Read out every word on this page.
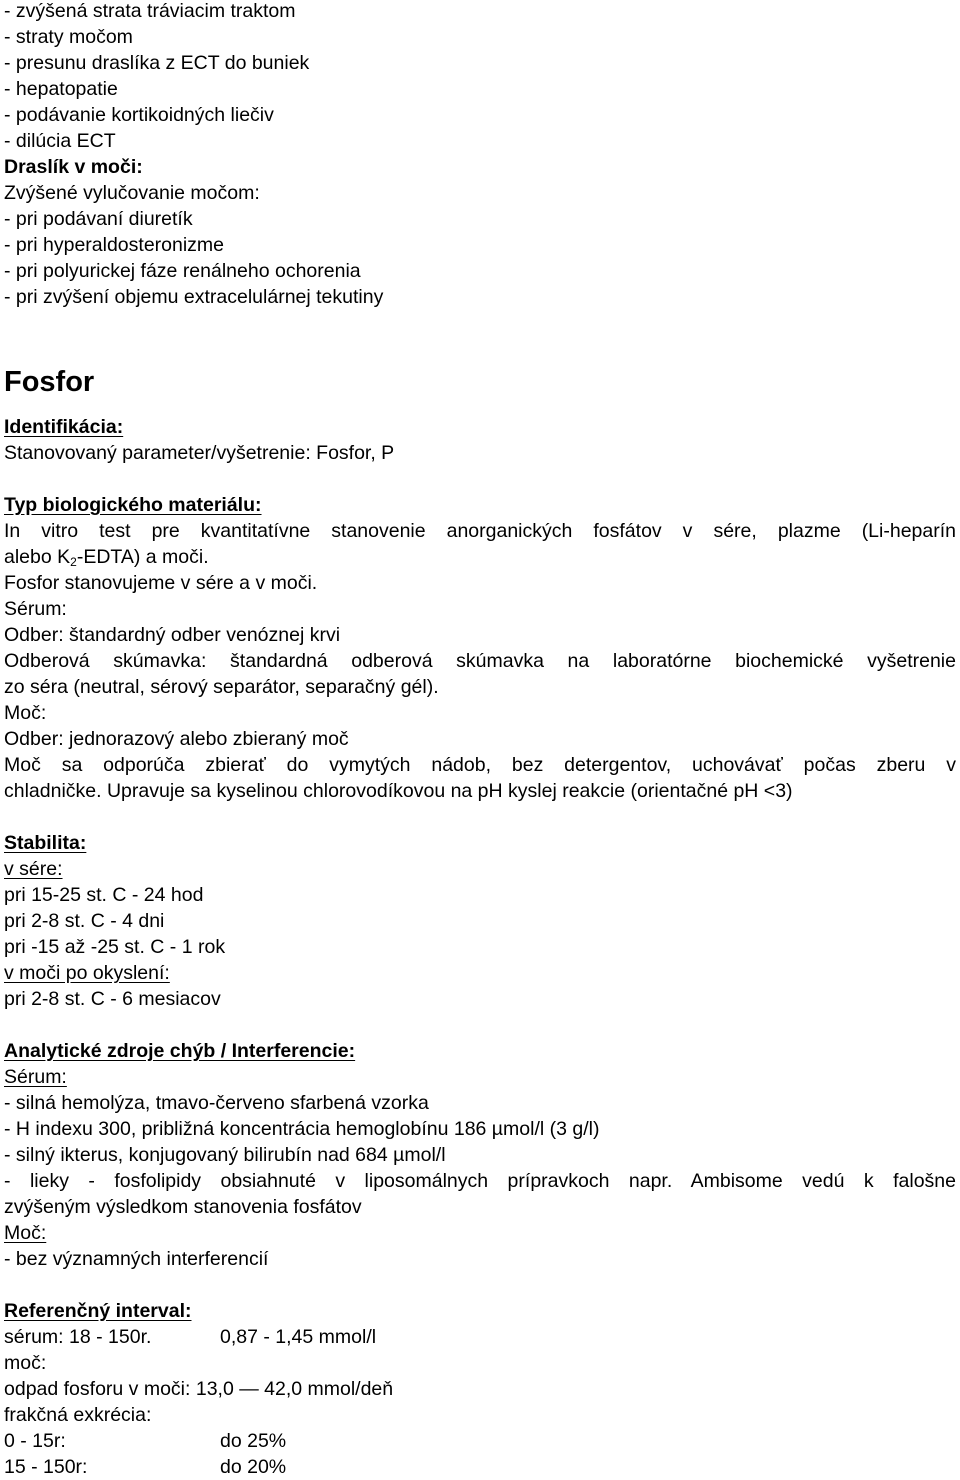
- zvýšená strata tráviacim traktom
- straty močom
- presunu draslíka z ECT do buniek
- hepatopatie
- podávanie kortikoidných liečiv
- dilúcia ECT
Draslík v moči:
Zvýšené vylučovanie močom:
- pri podávaní diuretík
- pri hyperaldosteronizme
- pri polyurickej fáze renálneho ochorenia
- pri zvýšení objemu extracelulárnej tekutiny
Fosfor
Identifikácia:
Stanovovaný parameter/vyšetrenie: Fosfor, P
Typ biologického materiálu:
In vitro test pre kvantitatívne stanovenie anorganických fosfátov v sére, plazme (Li-heparín
alebo $K_2-EDTA$) a moči.
Fosfor stanovujeme v sére a v moči.
Sérum:
Odber: štandardný odber venóznej krvi
Odberová skúmavka: štandardná odberová skúmavka na laboratórne biochemické vyšetrenie
zo séra (neutral, sérový separátor, separačný gél).
Moč:
Odber: jednorazový alebo zbieraný moč
Moč sa odporúča zbierať do vymytých nádob, bez detergentov, uchovávať počas zberu v
chladničke. Upravuje sa kyselinou chlorovodíkovou na pH kyslej reakcie (orientačné pH <3)
Stabilita:
v sére:
pri 15-25 st. C - 24 hod
pri 2-8 st. C - 4 dni
pri -15 až -25 st. C - 1 rok
v moči po okyslení:
pri 2-8 st. C - 6 mesiacov
Analytické zdroje chýb / Interferencie:
Sérum:
- silná hemolýza, tmavo-červeno sfarbená vzorka
- H indexu 300, približná koncentrácia hemoglobínu 186 µmol/l (3 g/l)
- silný ikterus, konjugovaný bilirubín nad 684 µmol/l
- lieky - fosfolipidy obsiahnuté v liposomálnych prípravkoch napr. Ambisome vedú k falošne
zvýšeným výsledkom stanovenia fosfátov
Moč:
- bez významných interferencií
Referenčný interval:
sérum: 18 - 150r.	0,87 - 1,45 mmol/l
moč:
odpad fosforu v moči: 13,0 — 42,0 mmol/deň
frakčná exkrécia:
0 - 15r:	do 25%
15 - 150r:	do 20%
